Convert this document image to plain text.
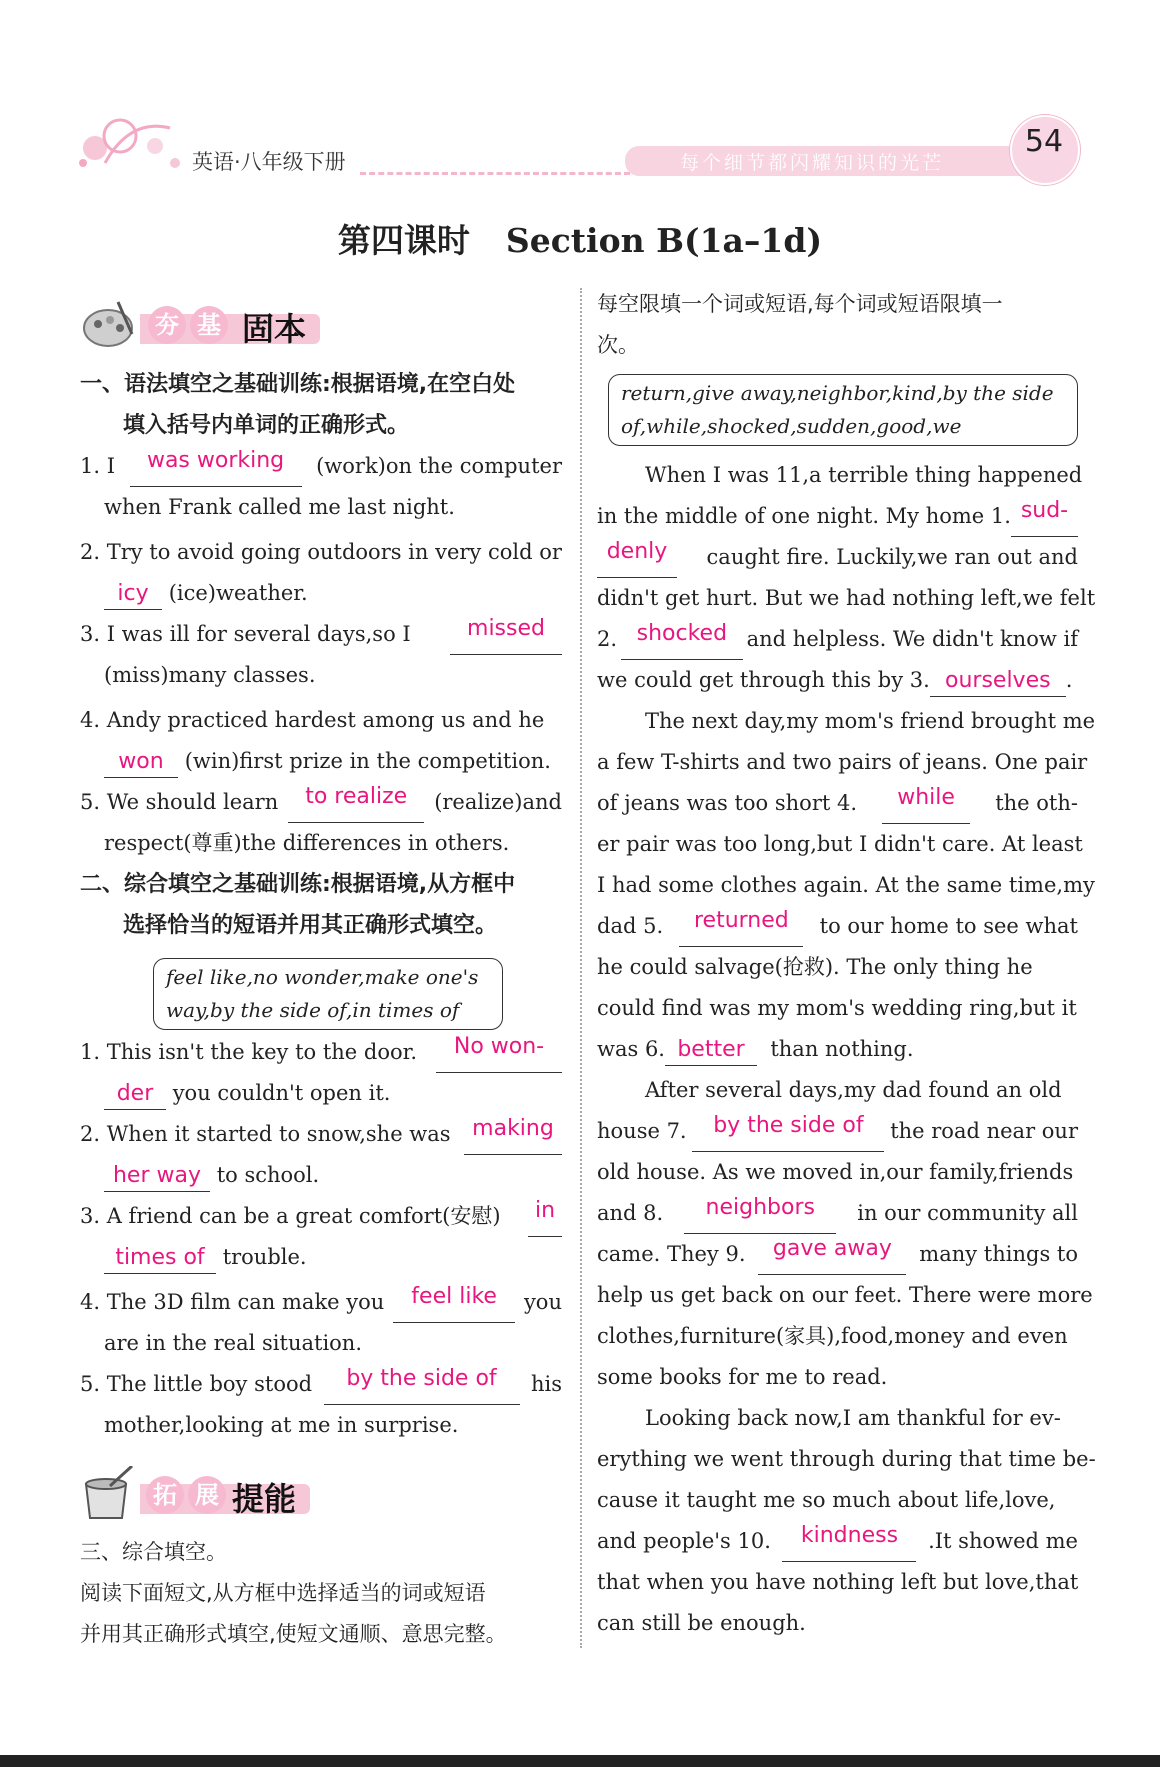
英语·八年级下册	每个细节都闪耀知识的光芒
54
第四课时 Section B(1a–1d)
夯 基 固本
一、语法填空之基础训练:根据语境,在空白处
填入括号内单词的正确形式。
1. I	was working	(work)on the computer
when Frank called me last night.
2. Try to avoid going outdoors in very cold or
icy (ice)weather.
3. I was ill for several days,so I	missed
(miss)many classes.
4. Andy practiced hardest among us and he
won (win)first prize in the competition.
5. We should learn	to realize	(realize)and
respect(尊重)the differences in others.
二、综合填空之基础训练:根据语境,从方框中
选择恰当的短语并用其正确形式填空。
feel like,no wonder,make one's
way,by the side of,in times of
1. This isn't the key to the door.	No won-
der you couldn't open it.
2. When it started to snow,she was making
her way to school.
3. A friend can be a great comfort(安慰)	in
times of trouble.
4. The 3D film can make you	feel like	you
are in the real situation.
5. The little boy stood	by the side of	his
mother,looking at me in surprise.
拓 展 提能
三、综合填空。
阅读下面短文,从方框中选择适当的词或短语
并用其正确形式填空,使短文通顺、意思完整。
每空限填一个词或短语,每个词或短语限填一
次。
return,give away,neighbor,kind,by the side
of,while,shocked,sudden,good,we
When I was 11,a terrible thing happened
in the middle of one night. My home 1. sud-
denly	caught fire. Luckily,we ran out and
didn't get hurt. But we had nothing left,we felt
2. shocked and helpless. We didn't know if
we could get through this by 3. ourselves .
The next day,my mom's friend brought me
a few T-shirts and two pairs of jeans. One pair
of jeans was too short 4.	while	the oth-
er pair was too long,but I didn't care. At least
I had some clothes again. At the same time,my
dad 5.	returned	to our home to see what
he could salvage(抢救). The only thing he
could find was my mom's wedding ring,but it
was 6. better than nothing.
After several days,my dad found an old
house 7.	by the side of	the road near our
old house. As we moved in,our family,friends
and 8.	neighbors	in our community all
came. They 9.	gave away	many things to
help us get back on our feet. There were more
clothes,furniture(家具),food,money and even
some books for me to read.
Looking back now,I am thankful for ev-
erything we went through during that time be-
cause it taught me so much about life,love,
and people's 10.	kindness	.It showed me
that when you have nothing left but love,that
can still be enough.
